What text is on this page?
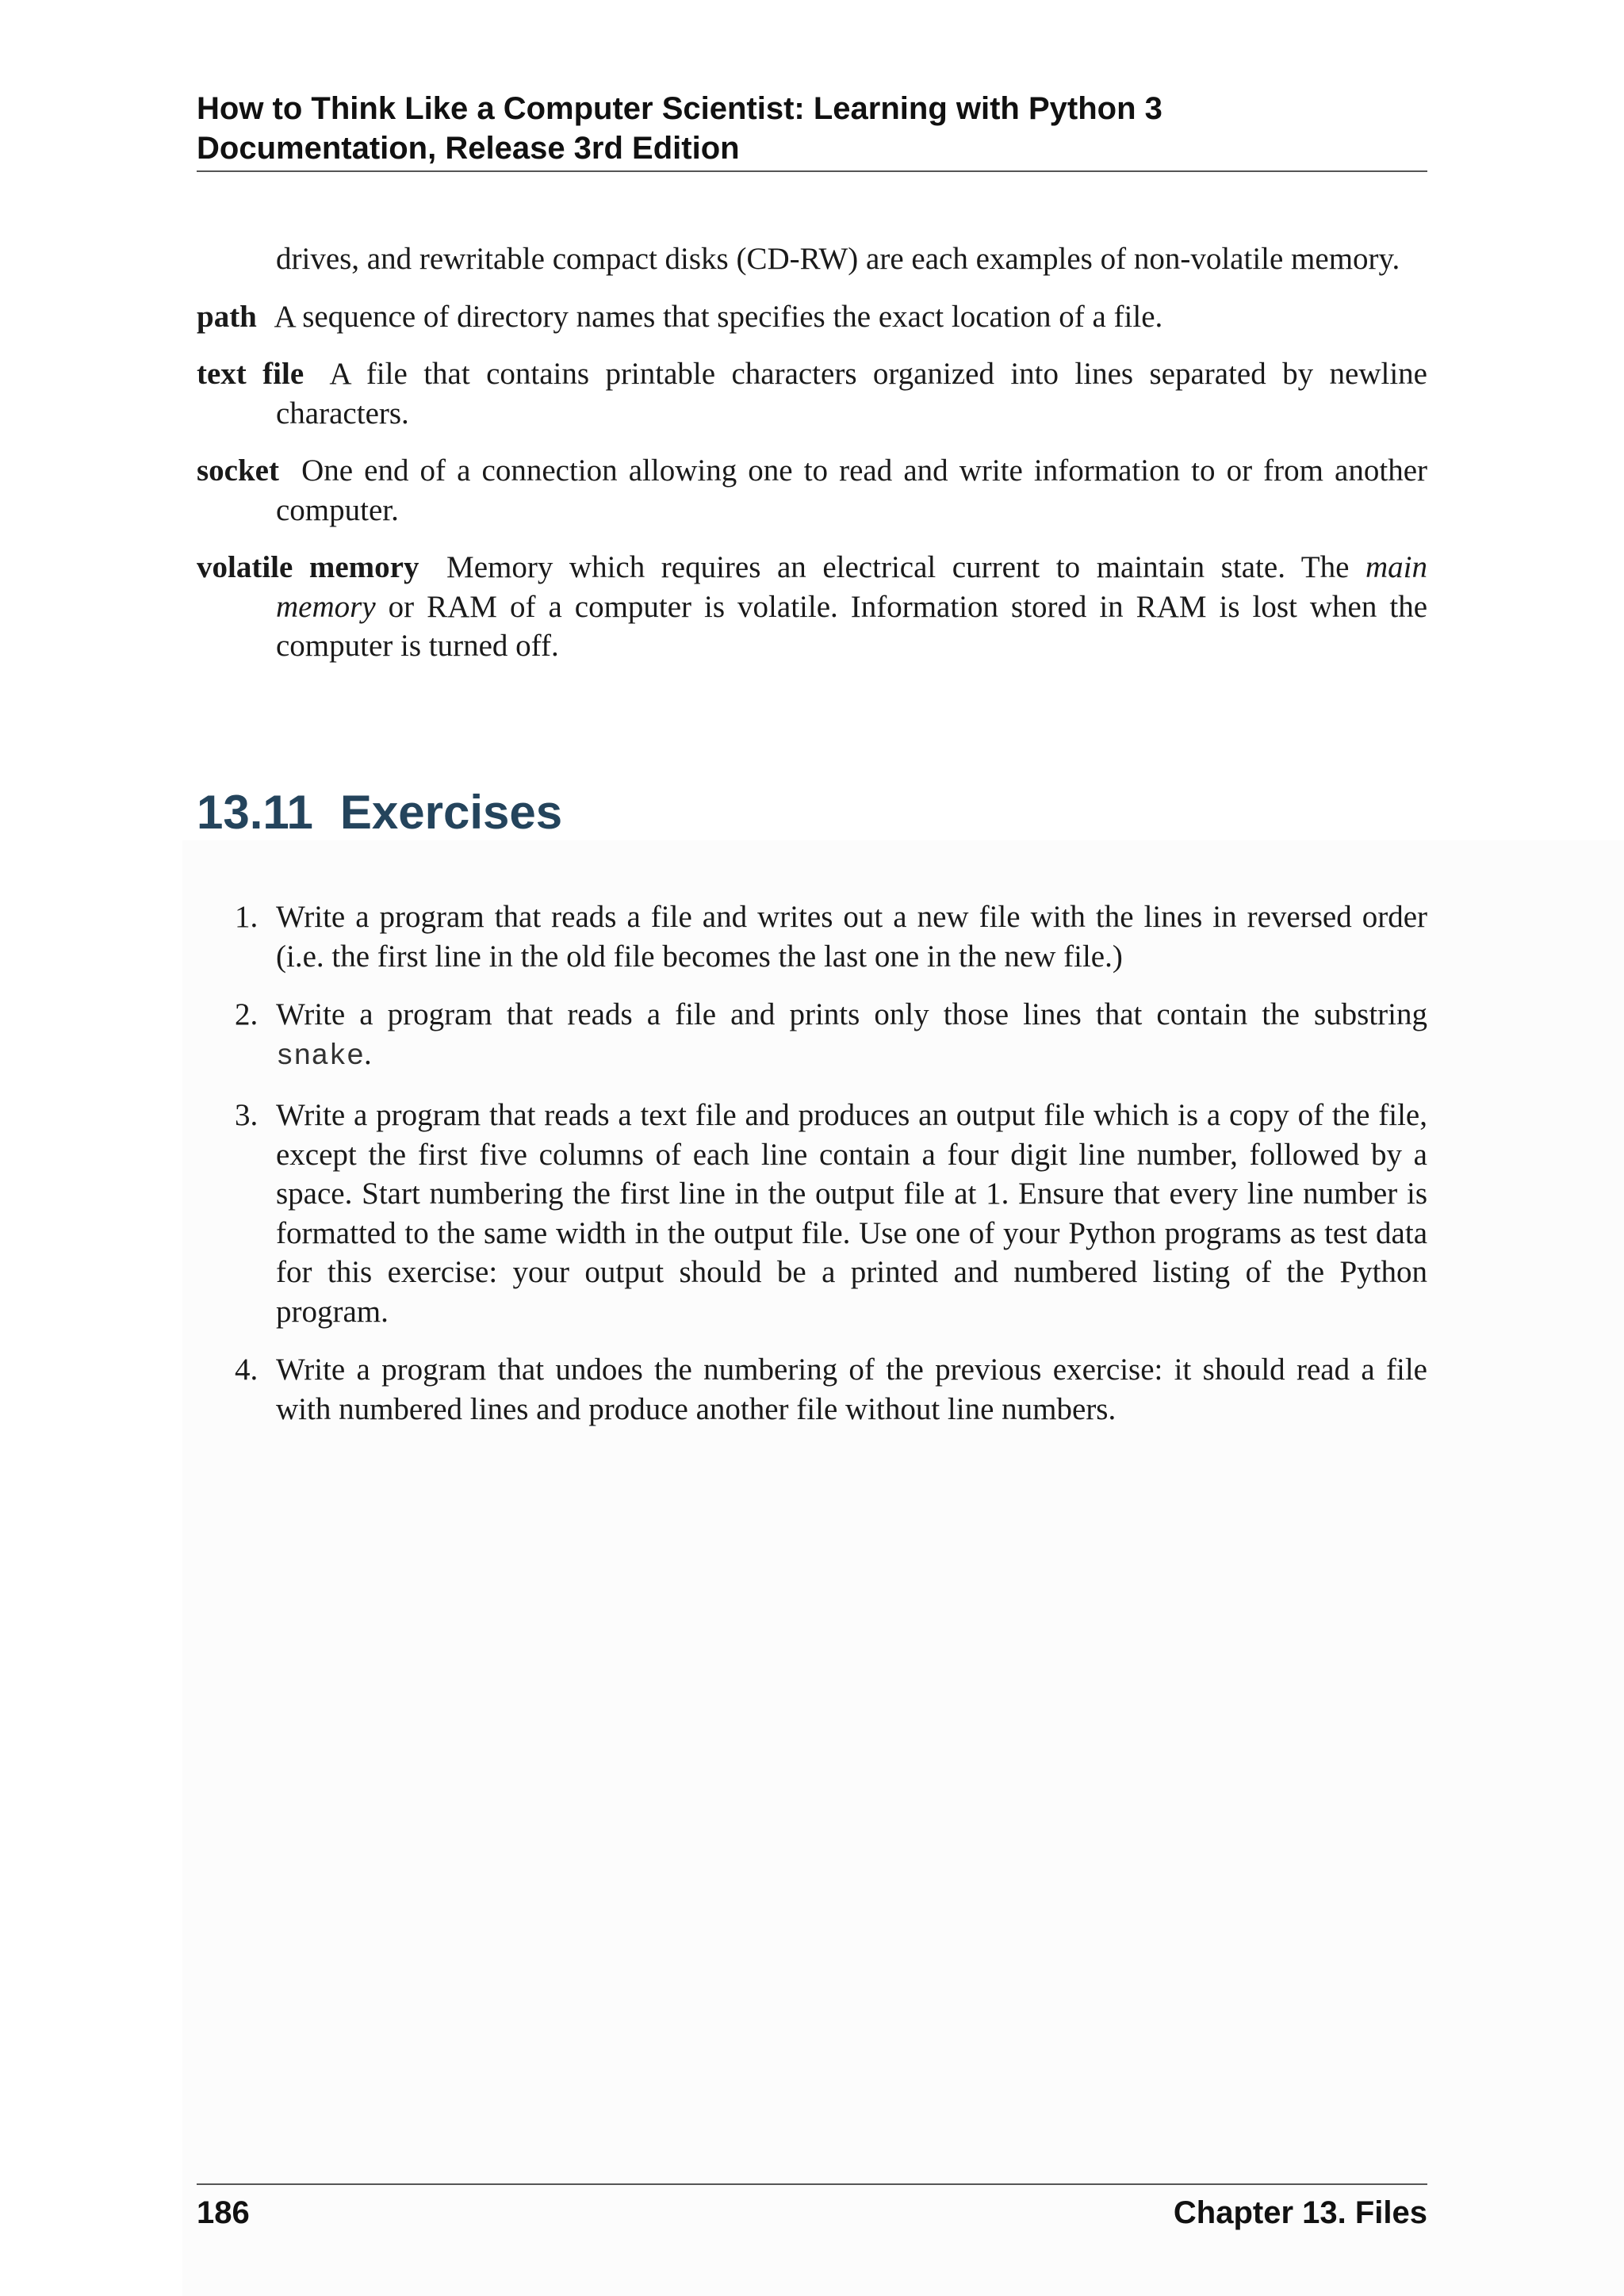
How to Think Like a Computer Scientist: Learning with Python 3
Documentation, Release 3rd Edition
drives, and rewritable compact disks (CD-RW) are each examples of non-volatile memory.
path A sequence of directory names that specifies the exact location of a file.
text file A file that contains printable characters organized into lines separated by newline characters.
socket One end of a connection allowing one to read and write information to or from another computer.
volatile memory Memory which requires an electrical current to maintain state. The main memory or RAM of a computer is volatile. Information stored in RAM is lost when the computer is turned off.
13.11 Exercises
1. Write a program that reads a file and writes out a new file with the lines in reversed order (i.e. the first line in the old file becomes the last one in the new file.)
2. Write a program that reads a file and prints only those lines that contain the substring snake.
3. Write a program that reads a text file and produces an output file which is a copy of the file, except the first five columns of each line contain a four digit line number, followed by a space. Start numbering the first line in the output file at 1. Ensure that every line number is formatted to the same width in the output file. Use one of your Python programs as test data for this exercise: your output should be a printed and numbered listing of the Python program.
4. Write a program that undoes the numbering of the previous exercise: it should read a file with numbered lines and produce another file without line numbers.
186	Chapter 13. Files
